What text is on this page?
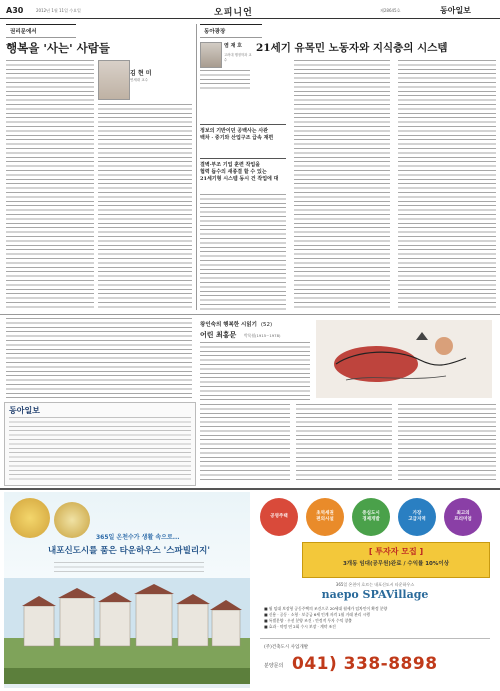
A30	2012년 1월 11일 수요일	오피니언	제28645호	동아일보
권리문에서
행복을 '사는' 사람들
김 현 미
연세대 교수
동아광장
21세기 유목민 노동자와 지식층의 시스템
염 재 호
고려대 행정학과 교수
정보의 기반이던 공백사는 사관
백차 · 중기와 산업구조 급속 재편
결벽·부조 기업 훈련 작업을
협력 돕수의 새종결 할 수 있는
21세기형 시스템 동시 건 작업에 대
왕인숙의 행복한 시읽기 (52)
어린 최홍문 박목월(1915~1978)
동아일보
365일 온천수가 생활 속으로...
내포신도시를 품은 타운하우스 '스파빌리지'
공영주택
초역세권
편의시설
중심도시
경제개발
가장
고급지역
최고의
프리미엄
[ 투자자 모집 ]
3개동 임대(공무원)완료 / 수익률 10%이상
365일 온천이 흐르는 내포신도시 타운하우스
naepo SPAVillage
■ 월 임대 보장형 공동주택의 조건으로 20세대 월세가 임차인이 확정 분양
■ 신용 · 공동 · 소형 · 보증금 6세 인계 자격 1월 거래 관리 시행
■ 특별분양 · 우선 분양 조건 : 안정적 투자 수익 창출
■ 효과 · 약정 연 2회 수시 보장 · 계약 조건
(주)건축도시 사업개발
분양문의 041) 338-8898
